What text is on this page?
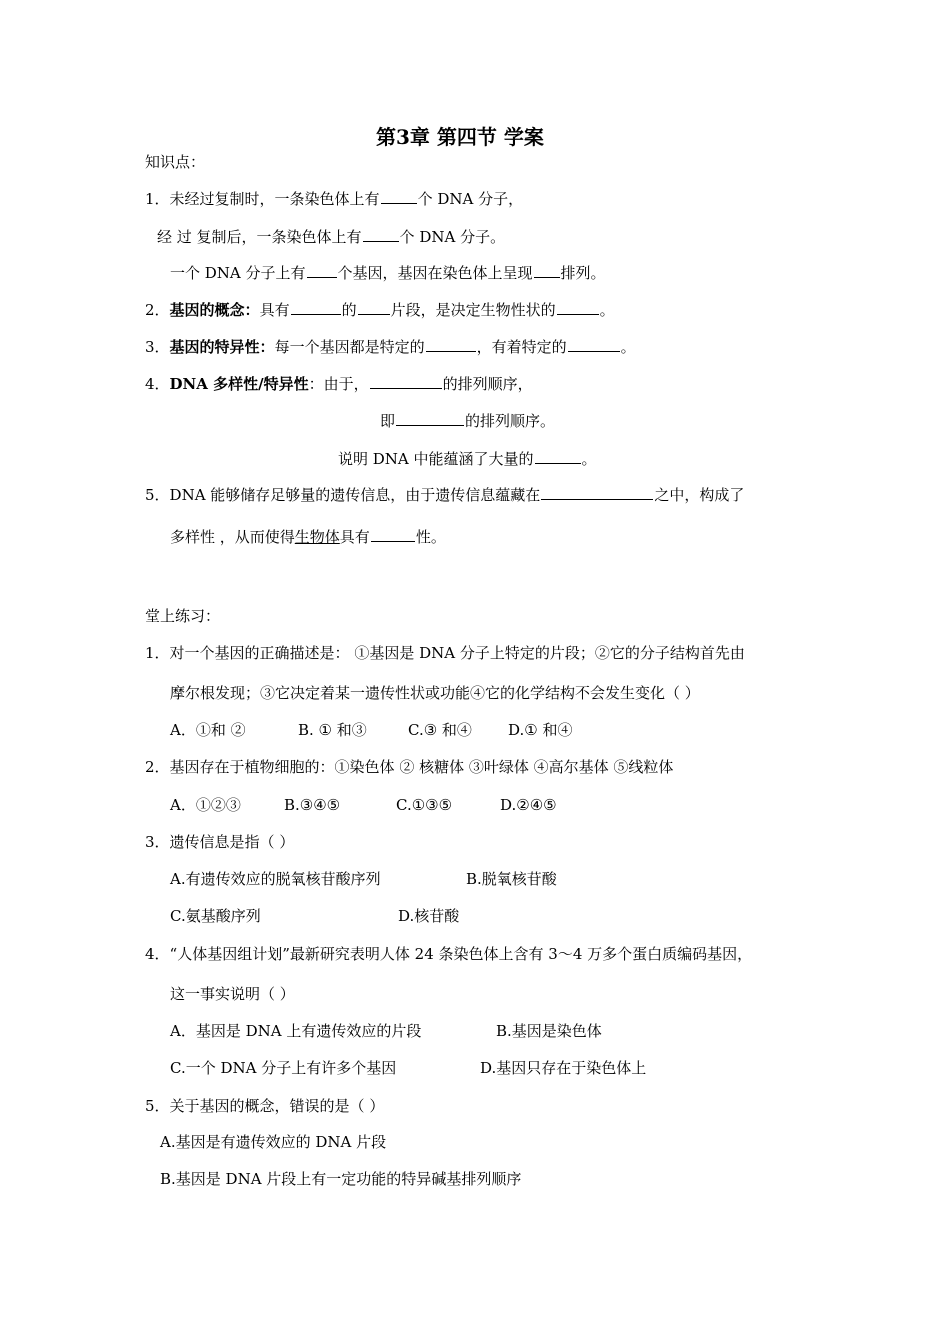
第3章 第四节 学案
知识点：
1．未经过复制时，一条染色体上有	个 DNA 分子，
经 过 复制后，一条染色体上有	个 DNA 分子。
一个 DNA 分子上有 个基因，基因在染色体上呈现 排列。
2．基因的概念：具有	的 片段，是决定生物性状的	。
3．基因的特异性：每一个基因都是特定的	，有着特定的	。
4．DNA 多样性/特异性：由于，	的排列顺序，
即	的排列顺序。
说明 DNA 中能蕴涵了大量的	。
5．DNA 能够储存足够量的遗传信息，由于遗传信息蕴藏在	之中，构成了
多样性 ，从而使得生物体具有	性。
堂上练习：
1．对一个基因的正确描述是： ①基因是 DNA 分子上特定的片段；②它的分子结构首先由
摩尔根发现；③它决定着某一遗传性状或功能④它的化学结构不会发生变化（ ）
A．①和 ②	B. ① 和③	C.③ 和④ D.① 和④
2．基因存在于植物细胞的：①染色体 ② 核糖体 ③叶绿体 ④高尔基体 ⑤线粒体
A．①②③	B.③④⑤	C.①③⑤	D.②④⑤
3．遗传信息是指（ ）
A.有遗传效应的脱氧核苷酸序列	B.脱氧核苷酸
C.氨基酸序列	D.核苷酸
4．“人体基因组计划”最新研究表明人体 24 条染色体上含有 3～4 万多个蛋白质编码基因，
这一事实说明（ ）
A．基因是 DNA 上有遗传效应的片段	B.基因是染色体
C.一个 DNA 分子上有许多个基因	D.基因只存在于染色体上
5．关于基因的概念，错误的是（ ）
A.基因是有遗传效应的 DNA 片段
B.基因是 DNA 片段上有一定功能的特异碱基排列顺序
